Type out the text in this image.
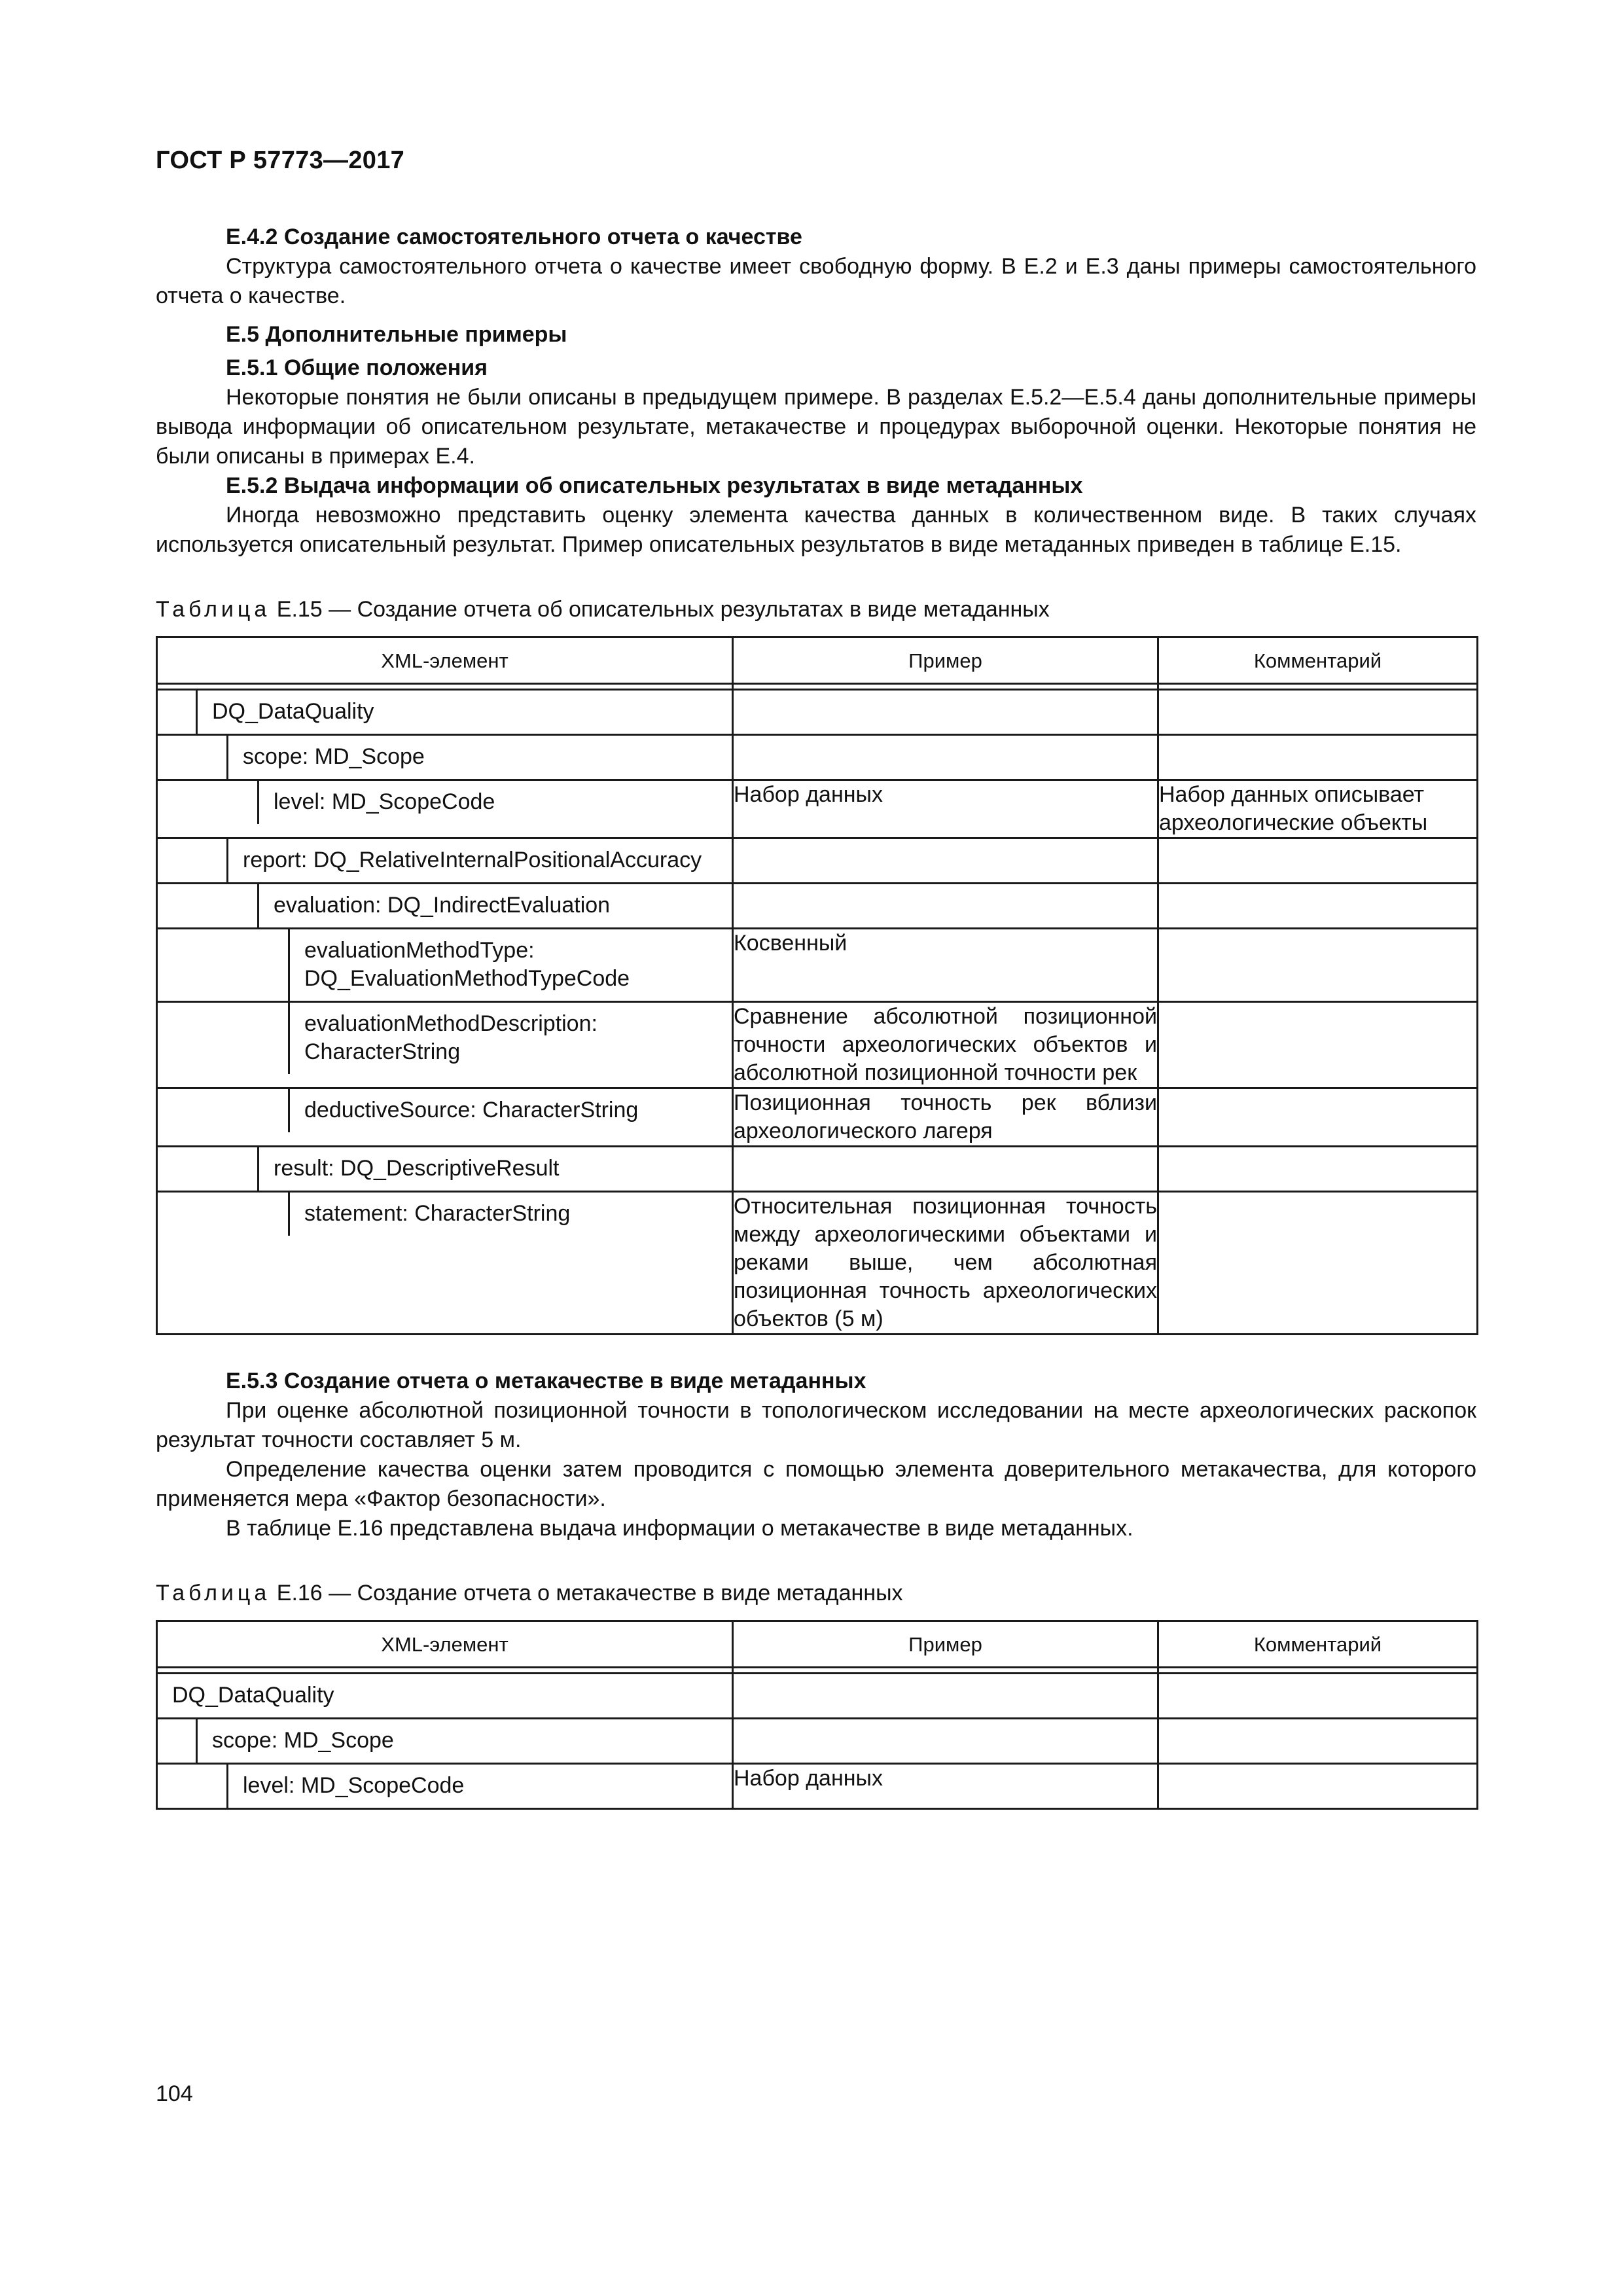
ГОСТ Р 57773—2017

Е.4.2 Создание самостоятельного отчета о качестве

Структура самостоятельного отчета о качестве имеет свободную форму. В Е.2 и Е.3 даны примеры самостоятельного отчета о качестве.

Е.5 Дополнительные примеры

Е.5.1 Общие положения

Некоторые понятия не были описаны в предыдущем примере. В разделах Е.5.2—Е.5.4 даны дополнительные примеры вывода информации об описательном результате, метакачестве и процедурах выборочной оценки. Некоторые понятия не были описаны в примерах Е.4.

Е.5.2 Выдача информации об описательных результатах в виде метаданных

Иногда невозможно представить оценку элемента качества данных в количественном виде. В таких случаях используется описательный результат. Пример описательных результатов в виде метаданных приведен в таблице Е.15.

Таблица Е.15 — Создание отчета об описательных результатах в виде метаданных

XML-элемент	Пример	Комментарий

DQ_DataQuality		

scope: MD_Scope		

level: MD_ScopeCode	Набор данных	Набор данных описывает археологические объекты

report: DQ_RelativeInternalPositionalAccuracy		

evaluation: DQ_IndirectEvaluation		

evaluationMethodType: DQ_EvaluationMethodTypeCode	Косвенный	

evaluationMethodDescription: CharacterString	Сравнение абсолютной позиционной точности археологических объектов и абсолютной позиционной точности рек	

deductiveSource: CharacterString	Позиционная точность рек вблизи археологического лагеря	

result: DQ_DescriptiveResult		

statement: CharacterString	Относительная позиционная точность между археологическими объектами и реками выше, чем абсолютная позиционная точность археологических объектов (5 м)	

Е.5.3 Создание отчета о метакачестве в виде метаданных

При оценке абсолютной позиционной точности в топологическом исследовании на месте археологических раскопок результат точности составляет 5 м.

Определение качества оценки затем проводится с помощью элемента доверительного метакачества, для которого применяется мера «Фактор безопасности».

В таблице Е.16 представлена выдача информации о метакачестве в виде метаданных.

Таблица Е.16 — Создание отчета о метакачестве в виде метаданных

XML-элемент	Пример	Комментарий

DQ_DataQuality		

scope: MD_Scope		

level: MD_ScopeCode	Набор данных	
104
